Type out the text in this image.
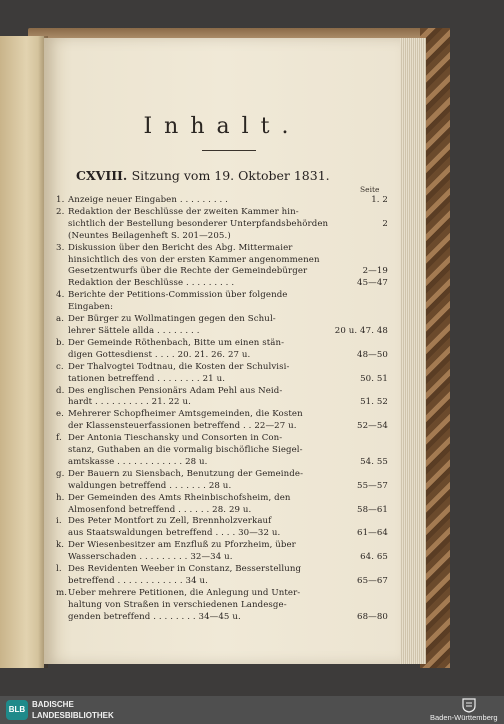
Inhalt.
CXVIII. Sitzung vom 19. Oktober 1831.
Seite
1. Anzeige neuer Eingaben . . . . . . . . .	1. 2
2. Redaktion der Beschlüsse der zweiten Kammer hin-
sichtlich der Bestellung besonderer Unterpfandsbehörden	2
(Neuntes Beilagenheft S. 201—205.)
3. Diskussion über den Bericht des Abg. Mittermaier
hinsichtlich des von der ersten Kammer angenommenen
Gesetzentwurfs über die Rechte der Gemeindebürger	2—19
Redaktion der Beschlüsse . . . . . . . . .	45—47
4. Berichte der Petitions-Commission über folgende
Eingaben:
a. Der Bürger zu Wollmatingen gegen den Schul-
lehrer Sättele allda . . . . . . . .	20 u. 47. 48
b. Der Gemeinde Röthenbach, Bitte um einen stän-
digen Gottesdienst . . . . 20. 21. 26. 27 u.	48—50
c. Der Thalvogtei Todtnau, die Kosten der Schulvisi-
tationen betreffend . . . . . . . . 21 u.	50. 51
d. Des englischen Pensionärs Adam Pehl aus Neid-
hardt . . . . . . . . . . 21. 22 u.	51. 52
e. Mehrerer Schopfheimer Amtsgemeinden, die Kosten
der Klassensteuerfassionen betreffend . . 22—27 u.	52—54
f. Der Antonia Tieschansky und Consorten in Con-
stanz, Guthaben an die vormalig bischöfliche Siegel-
amtskasse . . . . . . . . . . . . 28 u.	54. 55
g. Der Bauern zu Siensbach, Benutzung der Gemeinde-
waldungen betreffend . . . . . . . 28 u.	55—57
h. Der Gemeinden des Amts Rheinbischofsheim, den
Almosenfond betreffend . . . . . . 28. 29 u.	58—61
i. Des Peter Montfort zu Zell, Brennholzverkauf
aus Staatswaldungen betreffend . . . . 30—32 u.	61—64
k. Der Wiesenbesitzer am Enzfluß zu Pforzheim, über
Wasserschaden . . . . . . . . . 32—34 u.	64. 65
l. Des Revidenten Weeber in Constanz, Besserstellung
betreffend . . . . . . . . . . . . 34 u.	65—67
m. Ueber mehrere Petitionen, die Anlegung und Unter-
haltung von Straßen in verschiedenen Landesge-
genden betreffend . . . . . . . . 34—45 u.	68—80
BLB
BADISCHE
LANDESBIBLIOTHEK	Baden-Württemberg
